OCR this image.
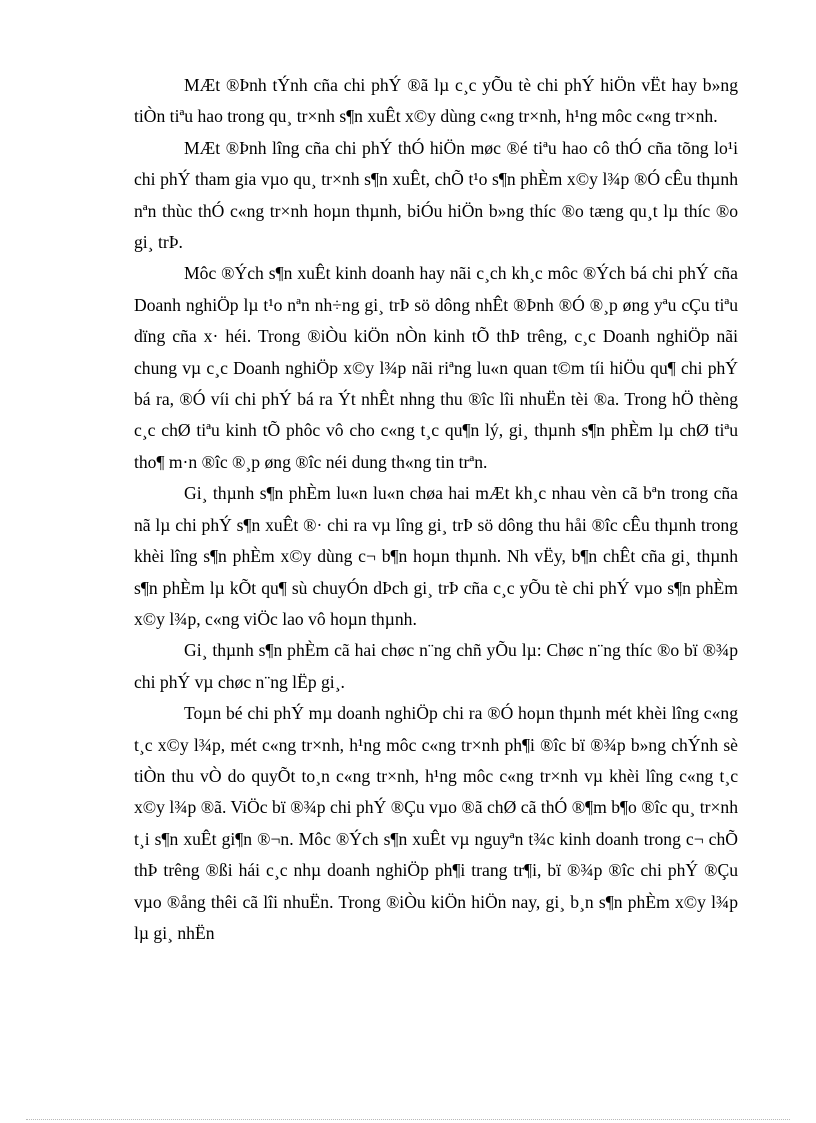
MÆt ®Þnh tÝnh cña chi phÝ ®ã lµ c¸c yÕu tè chi phÝ hiÖn vËt hay b»ng tiÒn tiªu hao trong qu¸ tr×nh s¶n xuÊt x©y dùng c«ng tr×nh, h¹ng môc c«ng tr×nh.

MÆt ®Þnh lîng cña chi phÝ thÓ hiÖn møc ®é tiªu hao cô thÓ cña tõng lo¹i chi phÝ tham gia vµo qu¸ tr×nh s¶n xuÊt, chÕ t¹o s¶n phÈm x©y l¾p ®Ó cÊu thµnh nªn thùc thÓ c«ng tr×nh hoµn thµnh, biÓu hiÖn b»ng thíc ®o tæng qu¸t lµ thíc ®o gi¸ trÞ.

Môc ®Ých s¶n xuÊt kinh doanh hay nãi c¸ch kh¸c môc ®Ých bá chi phÝ cña Doanh nghiÖp lµ t¹o nªn nh÷ng gi¸ trÞ sö dông nhÊt ®Þnh ®Ó ®¸p øng yªu cÇu tiªu dïng cña x· héi. Trong ®iÒu kiÖn nÒn kinh tÕ thÞ trêng, c¸c Doanh nghiÖp nãi chung vµ c¸c Doanh nghiÖp x©y l¾p nãi riªng lu«n quan t©m tíi hiÖu qu¶ chi phÝ bá ra, ®Ó víi chi phÝ bá ra Ýt nhÊt nhng thu ®îc lîi nhuËn tèi ®a. Trong hÖ thèng c¸c chØ tiªu kinh tÕ phôc vô cho c«ng t¸c qu¶n lý, gi¸ thµnh s¶n phÈm lµ chØ tiªu tho¶ m·n ®îc ®¸p øng ®îc néi dung th«ng tin trªn.

Gi¸ thµnh s¶n phÈm lu«n lu«n chøa hai mÆt kh¸c nhau vèn cã bªn trong cña nã lµ chi phÝ s¶n xuÊt ®· chi ra vµ lîng gi¸ trÞ sö dông thu håi ®îc cÊu thµnh trong khèi lîng s¶n phÈm x©y dùng c¬ b¶n hoµn thµnh. Nh vËy, b¶n chÊt cña gi¸ thµnh s¶n phÈm lµ kÕt qu¶ sù chuyÓn dÞch gi¸ trÞ cña c¸c yÕu tè chi phÝ vµo s¶n phÈm x©y l¾p, c«ng viÖc lao vô hoµn thµnh.

Gi¸ thµnh s¶n phÈm cã hai chøc n¨ng chñ yÕu lµ: Chøc n¨ng thíc ®o bï ®¾p chi phÝ vµ chøc n¨ng lËp gi¸.

Toµn bé chi phÝ mµ doanh nghiÖp chi ra ®Ó hoµn thµnh mét khèi lîng c«ng t¸c x©y l¾p, mét c«ng tr×nh, h¹ng môc c«ng tr×nh ph¶i ®îc bï ®¾p b»ng chÝnh sè tiÒn thu vÒ do quyÕt to¸n c«ng tr×nh, h¹ng môc c«ng tr×nh vµ khèi lîng c«ng t¸c x©y l¾p ®ã. ViÖc bï ®¾p chi phÝ ®Çu vµo ®ã chØ cã thÓ ®¶m b¶o ®îc qu¸ tr×nh t¸i s¶n xuÊt gi¶n ®¬n. Môc ®Ých s¶n xuÊt vµ nguyªn t¾c kinh doanh trong c¬ chÕ thÞ trêng ®ßi hái c¸c nhµ doanh nghiÖp ph¶i trang tr¶i, bï ®¾p ®îc chi phÝ ®Çu vµo ®ång thêi cã lîi nhuËn. Trong ®iÒu kiÖn hiÖn nay, gi¸ b¸n s¶n phÈm x©y l¾p lµ gi¸ nhËn
